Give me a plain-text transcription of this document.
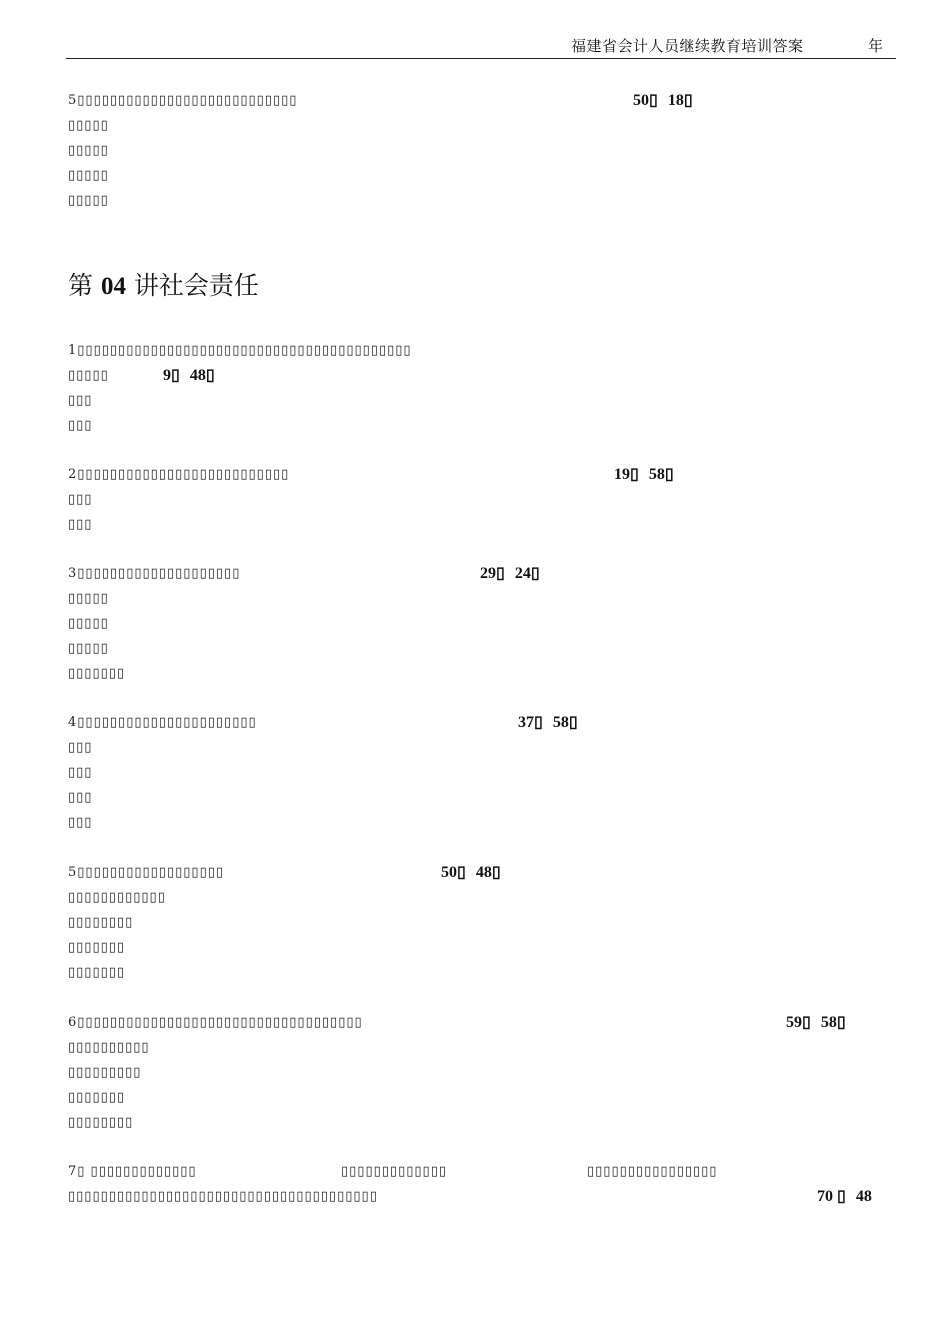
福建省会计人员继续教育培训答案	年
5▯▯▯▯▯▯▯▯▯▯▯▯▯▯▯▯▯▯▯▯▯▯▯▯▯▯▯	50▯ 18▯
▯▯▯▯▯
▯▯▯▯▯
▯▯▯▯▯
▯▯▯▯▯
第 04 讲社会责任
1▯▯▯▯▯▯▯▯▯▯▯▯▯▯▯▯▯▯▯▯▯▯▯▯▯▯▯▯▯▯▯▯▯▯▯▯▯▯▯▯▯
▯▯▯▯▯	9▯ 48▯
▯▯▯
▯▯▯
2▯▯▯▯▯▯▯▯▯▯▯▯▯▯▯▯▯▯▯▯▯▯▯▯▯▯	19▯ 58▯
▯▯▯
▯▯▯
3▯▯▯▯▯▯▯▯▯▯▯▯▯▯▯▯▯▯▯▯	29▯ 24▯
▯▯▯▯▯
▯▯▯▯▯
▯▯▯▯▯
▯▯▯▯▯▯▯
4▯▯▯▯▯▯▯▯▯▯▯▯▯▯▯▯▯▯▯▯▯▯	37▯ 58▯
▯▯▯
▯▯▯
▯▯▯
▯▯▯
5▯▯▯▯▯▯▯▯▯▯▯▯▯▯▯▯▯▯	50▯ 48▯
▯▯▯▯▯▯▯▯▯▯▯▯
▯▯▯▯▯▯▯▯
▯▯▯▯▯▯▯
▯▯▯▯▯▯▯
6▯▯▯▯▯▯▯▯▯▯▯▯▯▯▯▯▯▯▯▯▯▯▯▯▯▯▯▯▯▯▯▯▯▯▯	59▯ 58▯
▯▯▯▯▯▯▯▯▯▯
▯▯▯▯▯▯▯▯▯
▯▯▯▯▯▯▯
▯▯▯▯▯▯▯▯
7▯ ▯▯▯▯▯▯▯▯▯▯▯▯▯	▯▯▯▯▯▯▯▯▯▯▯▯▯	▯▯▯▯▯▯▯▯▯▯▯▯▯▯▯▯
▯▯▯▯▯▯▯▯▯▯▯▯▯▯▯▯▯▯▯▯▯▯▯▯▯▯▯▯▯▯▯▯▯▯▯▯▯▯	70 ▯ 48
